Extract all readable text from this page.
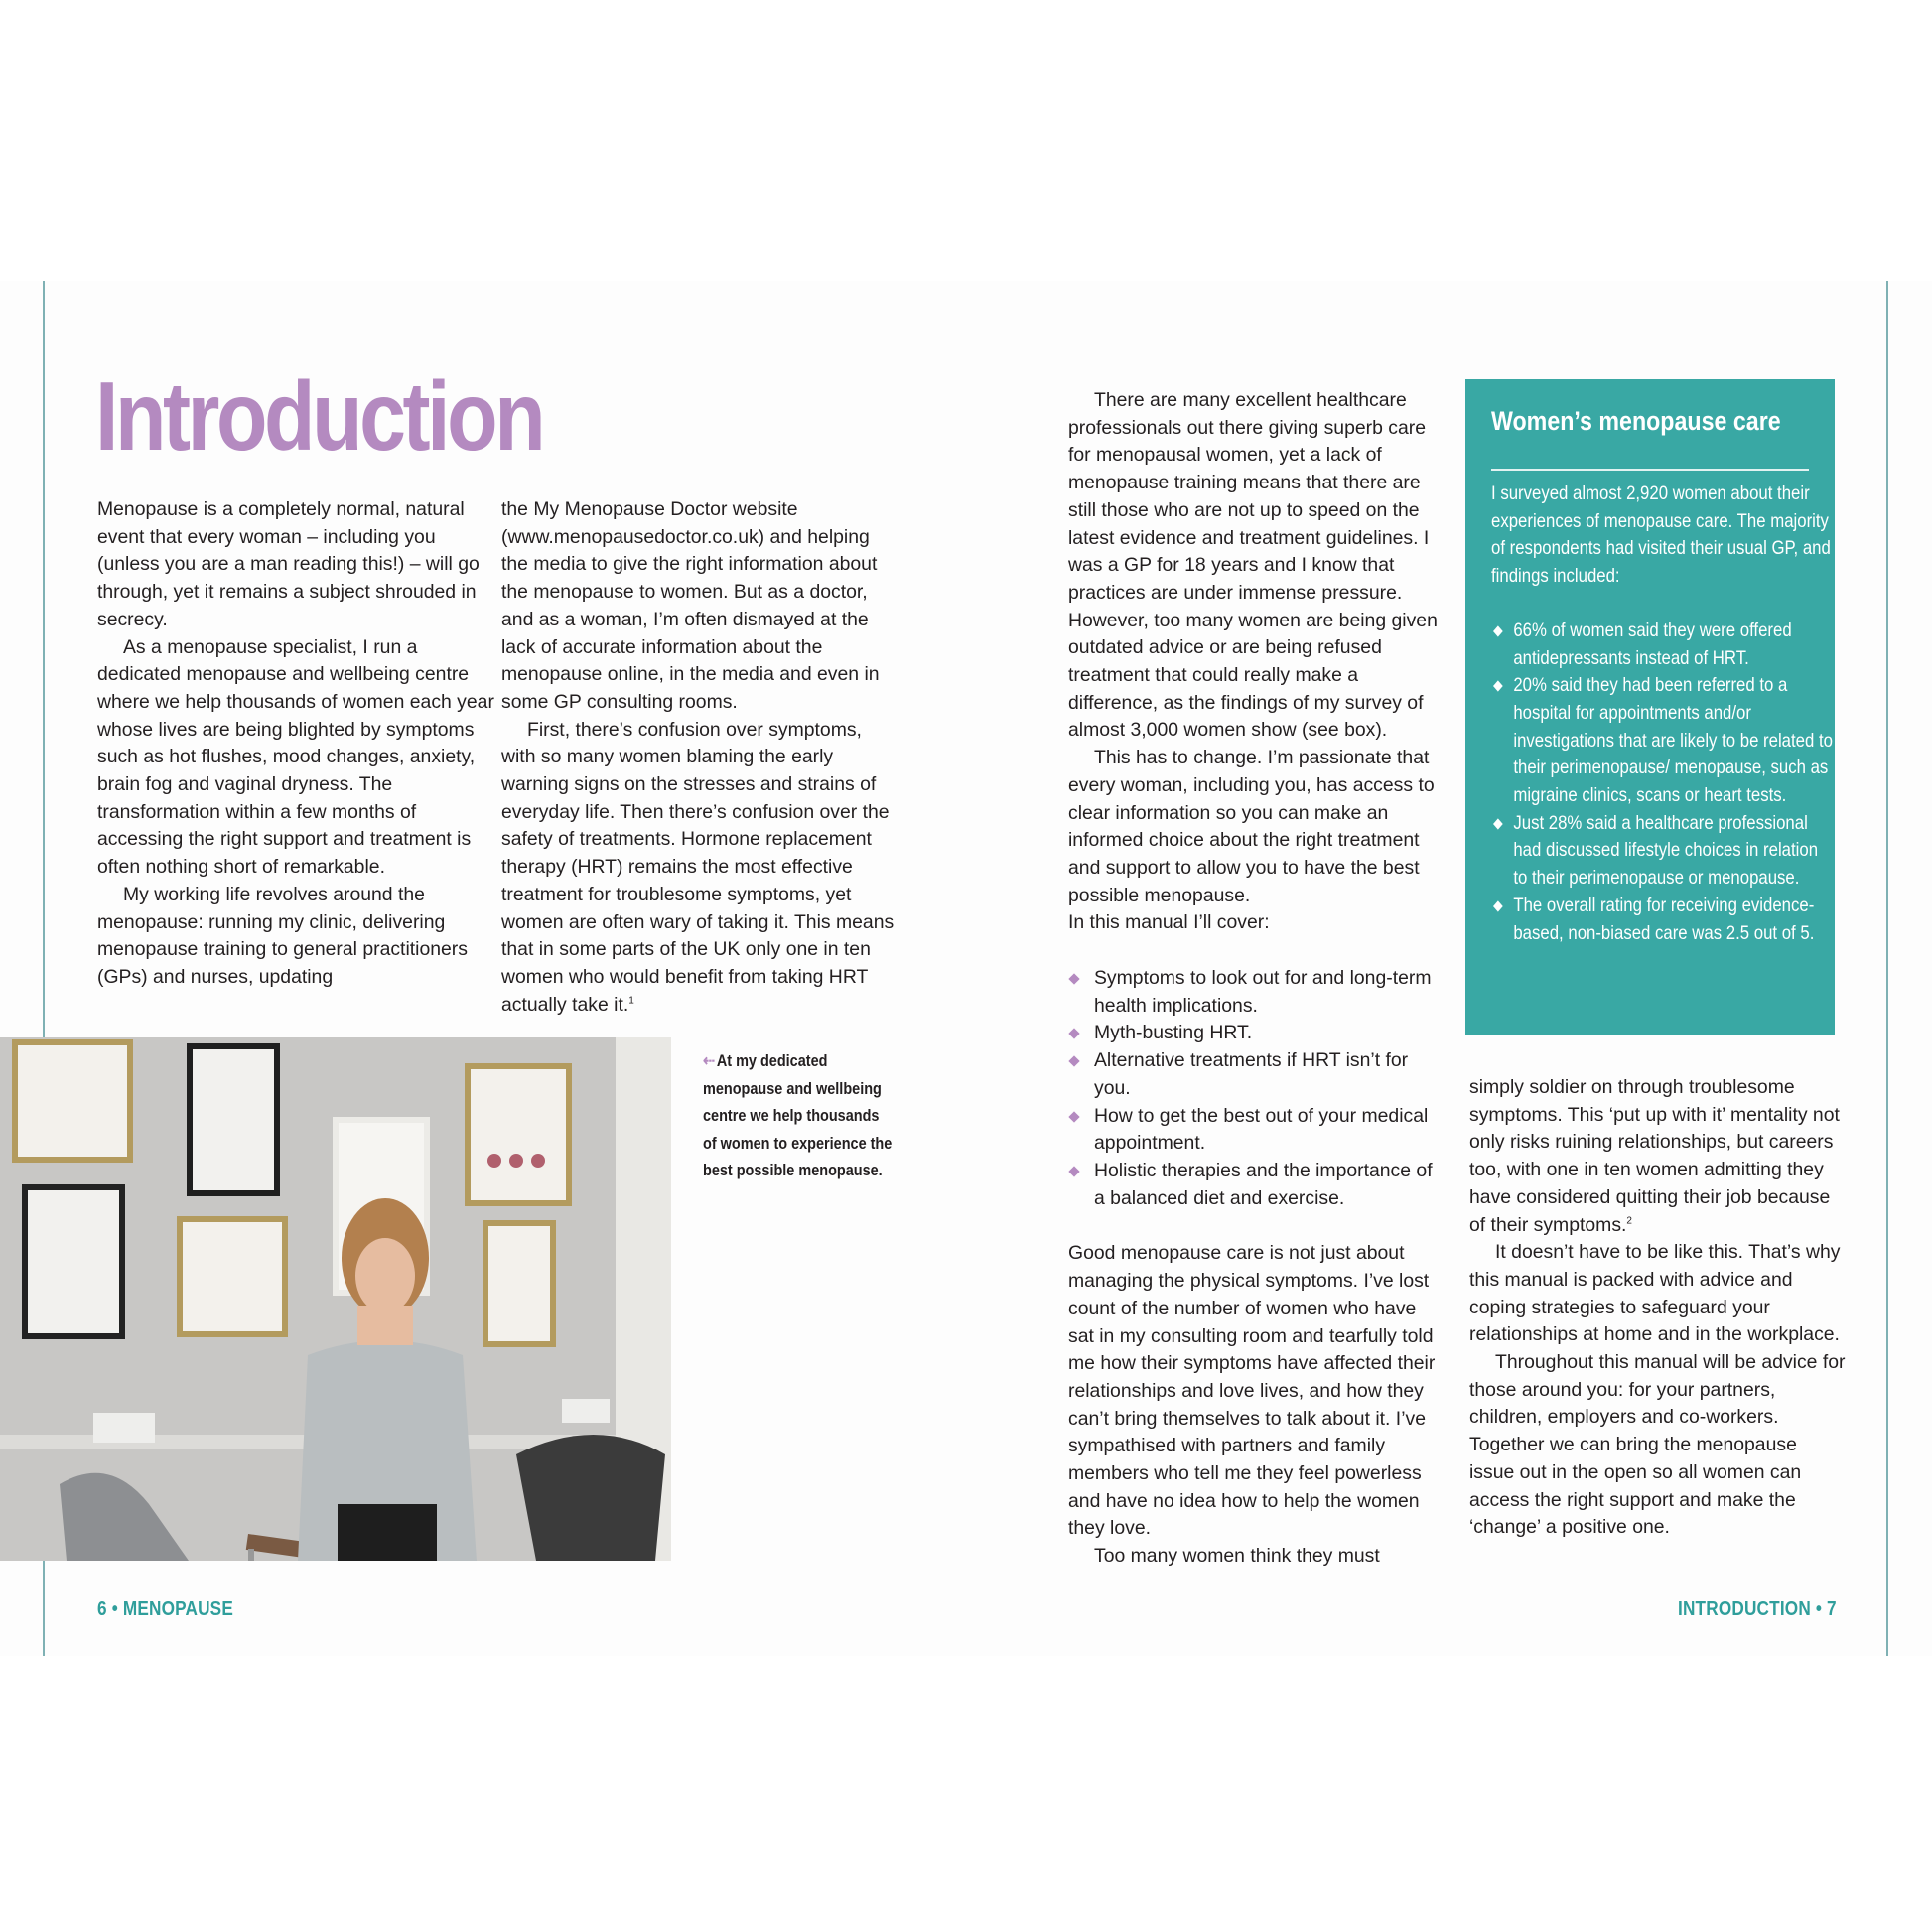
Introduction

Menopause is a completely normal, natural event that every woman – including you (unless you are a man reading this!) – will go through, yet it remains a subject shrouded in secrecy.

As a menopause specialist, I run a dedicated menopause and wellbeing centre where we help thousands of women each year whose lives are being blighted by symptoms such as hot flushes, mood changes, anxiety, brain fog and vaginal dryness. The transformation within a few months of accessing the right support and treatment is often nothing short of remarkable.

My working life revolves around the menopause: running my clinic, delivering menopause training to general practitioners (GPs) and nurses, updating

the My Menopause Doctor website (www.menopausedoctor.co.uk) and helping the media to give the right information about the menopause to women. But as a doctor, and as a woman, I’m often dismayed at the lack of accurate information about the menopause online, in the media and even in some GP consulting rooms.

First, there’s confusion over symptoms, with so many women blaming the early warning signs on the stresses and strains of everyday life. Then there’s confusion over the safety of treatments. Hormone replacement therapy (HRT) remains the most effective treatment for troublesome symptoms, yet women are often wary of taking it. This means that in some parts of the UK only one in ten women who would benefit from taking HRT actually take it.$^1$

⇠ At my dedicated menopause and wellbeing centre we help thousands of women to experience the best possible menopause.
6 • MENOPAUSE

There are many excellent healthcare professionals out there giving superb care for menopausal women, yet a lack of menopause training means that there are still those who are not up to speed on the latest evidence and treatment guidelines. I was a GP for 18 years and I know that practices are under immense pressure. However, too many women are being given outdated advice or are being refused treatment that could really make a difference, as the findings of my survey of almost 3,000 women show (see box).

This has to change. I’m passionate that every woman, including you, has access to clear information so you can make an informed choice about the right treatment and support to allow you to have the best possible menopause.

In this manual I’ll cover:

Symptoms to look out for and long-term health implications.
Myth-busting HRT.
Alternative treatments if HRT isn’t for you.
How to get the best out of your medical appointment.
Holistic therapies and the importance of a balanced diet and exercise.

Good menopause care is not just about managing the physical symptoms. I’ve lost count of the number of women who have sat in my consulting room and tearfully told me how their symptoms have affected their relationships and love lives, and how they can’t bring themselves to talk about it. I’ve sympathised with partners and family members who tell me they feel powerless and have no idea how to help the women they love.

Too many women think they must

Women’s menopause care

I surveyed almost 2,920 women about their experiences of menopause care. The majority of respondents had visited their usual GP, and findings included:

66% of women said they were offered antidepressants instead of HRT.
20% said they had been referred to a hospital for appointments and/or investigations that are likely to be related to their perimenopause/ menopause, such as migraine clinics, scans or heart tests.
Just 28% said a healthcare professional had discussed lifestyle choices in relation to their perimenopause or menopause.
The overall rating for receiving evidence-based, non-biased care was 2.5 out of 5.

simply soldier on through troublesome symptoms. This ‘put up with it’ mentality not only risks ruining relationships, but careers too, with one in ten women admitting they have considered quitting their job because of their symptoms.$^2$

It doesn’t have to be like this. That’s why this manual is packed with advice and coping strategies to safeguard your relationships at home and in the workplace.

Throughout this manual will be advice for those around you: for your partners, children, employers and co-workers. Together we can bring the menopause issue out in the open so all women can access the right support and make the ‘change’ a positive one.

INTRODUCTION • 7
